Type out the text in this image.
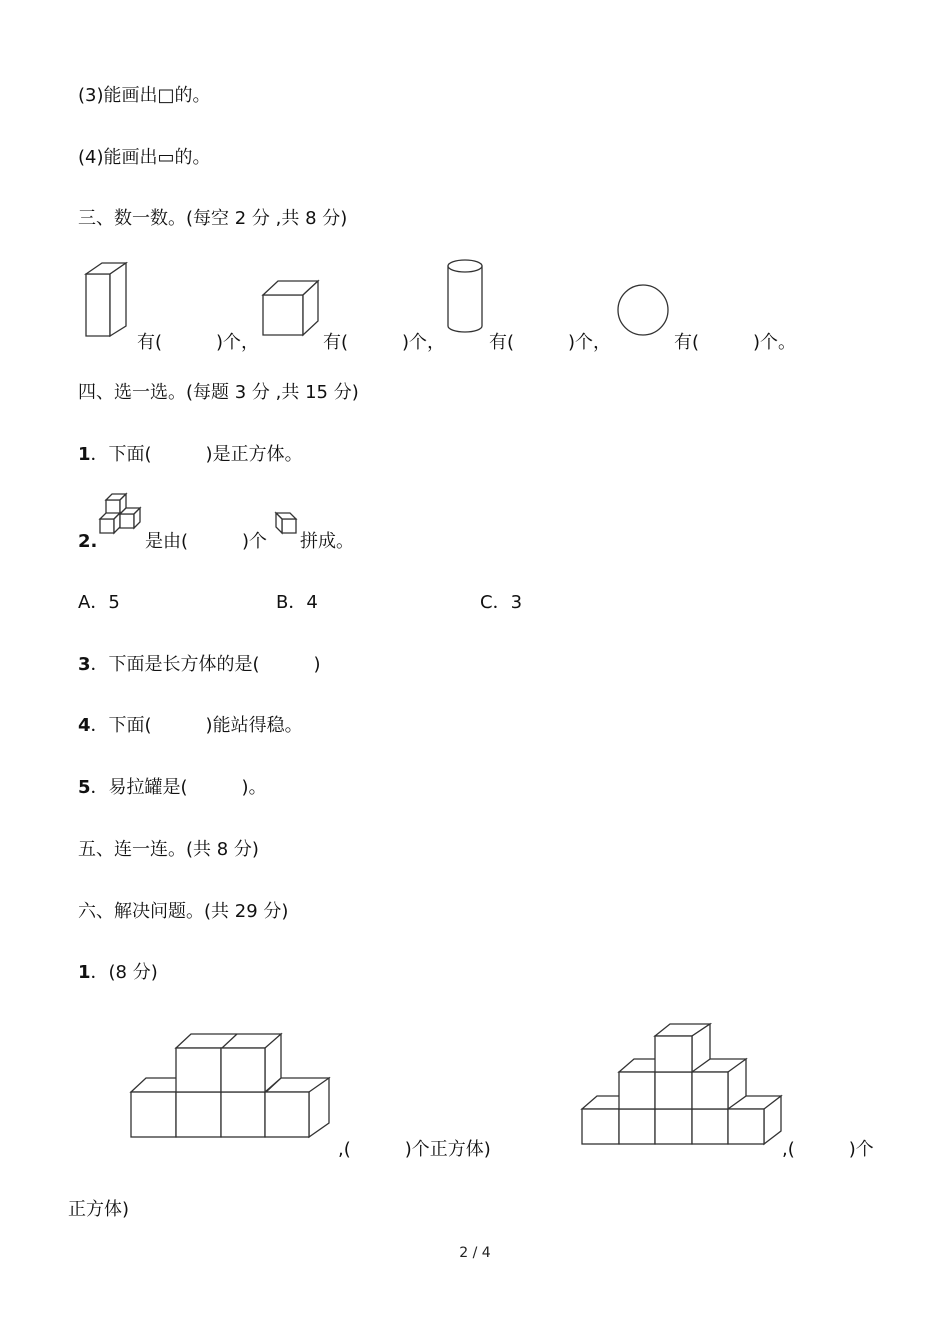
(3)能画出□的。
(4)能画出▭的。
三、数一数。(每空 2 分 ,共 8 分)
有(　　　)个，	有(　　　)个， 有(　　　)个，	有(　　　)个。
四、选一选。(每题 3 分 ,共 15 分)
1．下面(　　　)是正方体。
2.	是由(　　　)个 拼成。
A．5	B．4	C．3
3．下面是长方体的是(　　　)
4．下面(　　　)能站得稳。
5．易拉罐是(　　　)。
五、连一连。(共 8 分)
六、解决问题。(共 29 分)
1．(8 分)
,(　　　)个正方体)	,(　　　)个
正方体)
2 / 4
